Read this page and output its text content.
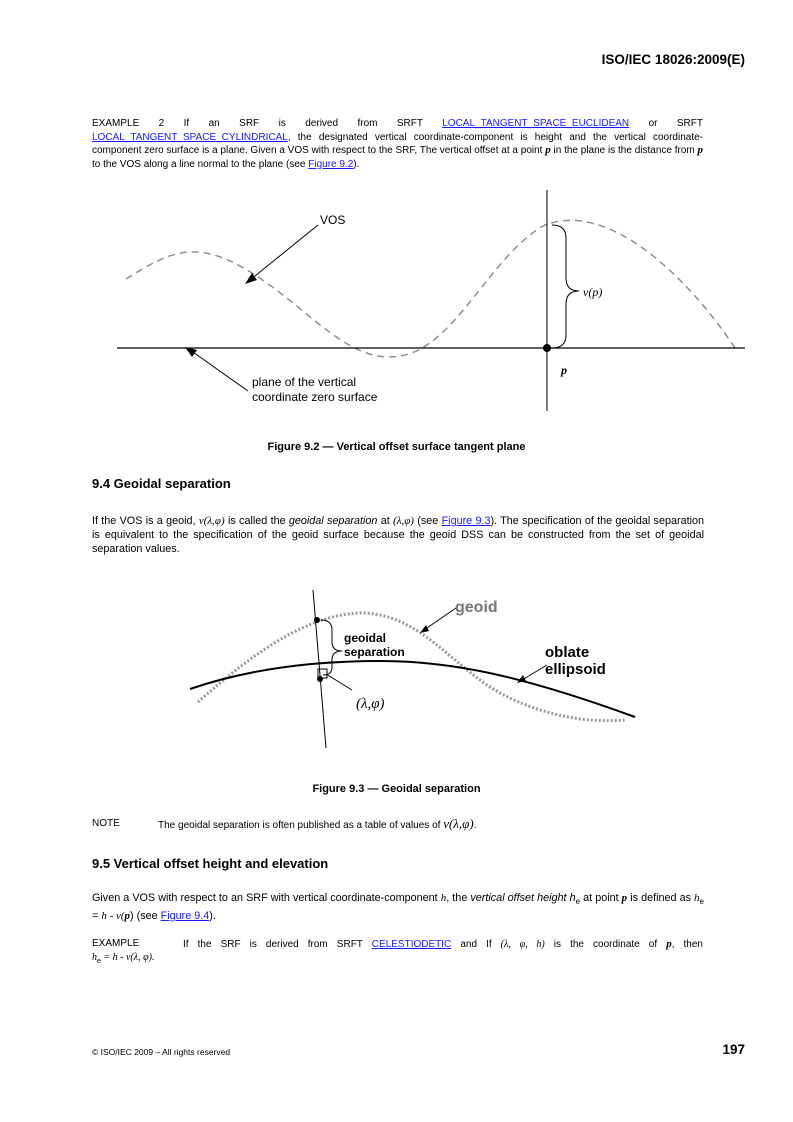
ISO/IEC 18026:2009(E)

EXAMPLE 2 If an SRF is derived from SRFT LOCAL_TANGENT_SPACE_EUCLIDEAN or SRFT LOCAL_TANGENT_SPACE_CYLINDRICAL, the designated vertical coordinate-component is height and the vertical coordinate-component zero surface is a plane. Given a VOS with respect to the SRF, The vertical offset at a point p in the plane is the distance from p to the VOS along a line normal to the plane (see Figure 9.2).

VOS
v(p)
p
plane of the vertical
coordinate zero surface
Figure 9.2 — Vertical offset surface tangent plane
9.4 Geoidal separation

If the VOS is a geoid, v(λ,φ) is called the geoidal separation at (λ,φ) (see Figure 9.3). The specification of the geoidal separation is equivalent to the specification of the geoid surface because the geoid DSS can be constructed from the set of geoidal separation values.

geoid
geoidal
separation	oblate
ellipsoid
(λ,φ)
Figure 9.3 — Geoidal separation
NOTE	The geoidal separation is often published as a table of values of v(λ,φ).
9.5 Vertical offset height and elevation

Given a VOS with respect to an SRF with vertical coordinate-component h, the vertical offset height $h_e$ at point p is defined as $h_e = h - v(p)$ (see Figure 9.4).

EXAMPLE	If the SRF is derived from SRFT CELESTIODETIC and If (λ, φ, h) is the coordinate of p, then
$h_e = h - v(\lambda$, φ).
© ISO/IEC 2009 – All rights reserved	197
